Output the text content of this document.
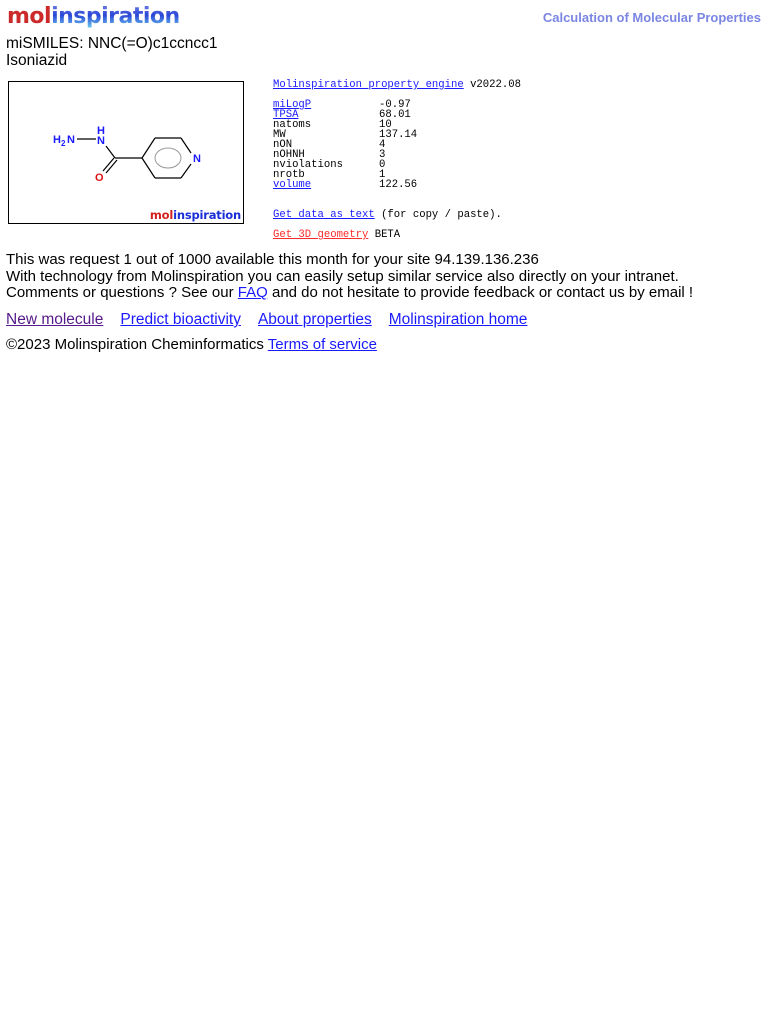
molinspiration	Calculation of Molecular Properties
miSMILES: NNC(=O)c1ccncc1
Isoniazid
H 2 N
H
N
O
N
molinspiration
Molinspiration property engine v2022.08
miLogP	-0.97
TPSA	68.01
natoms	10
MW	137.14
nON	4
nOHNH	3
nviolations	0
nrotb	1
volume	122.56
Get data as text (for copy / paste).
Get 3D geometry BETA
This was request 1 out of 1000 available this month for your site 94.139.136.236
With technology from Molinspiration you can easily setup similar service also directly on your intranet.
Comments or questions ? See our FAQ and do not hesitate to provide feedback or contact us by email !
New molecule Predict bioactivity About properties Molinspiration home
©2023 Molinspiration Cheminformatics Terms of service
